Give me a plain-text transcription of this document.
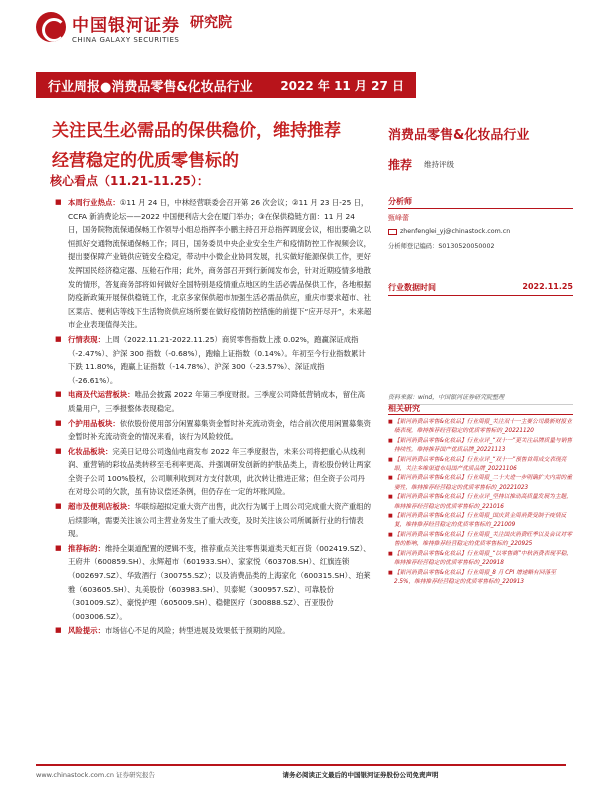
中国银河证券
CHINA GALAXY SECURITIES
研究院
行业周报●消费品零售&化妆品行业 2022 年 11 月 27 日
关注民生必需品的保供稳价，维持推荐
经营稳定的优质零售标的
核心看点（11.21-11.25）：
■ 本周行业热点：①11 月 24 日，中林经营联委会召开第 26 次会议；②11 月 23 日-25 日，CCFA 新消费论坛——2022 中国便利店大会在厦门举办；③在保供稳链方面：11 月 24 日，国务院物流保通保畅工作领导小组总指挥李小鹏主持召开总指挥调度会议，相出要确之以恒抓好交通物流保通保畅工作；同日，国务委员中央企业安全生产和疫情防控工作视频会议，提出要保障产业链供应链安全稳定，带动中小微企业协同发展，扎实做好能源保供工作，更好发挥国民经济稳定器、压舱石作用；此外，商务部召开到行新闻发布会，针对近期疫情多地散发的情形，答复商务部将如何做好全国特别是疫情重点地区的生活必需品保供工作，各地根据防疫新政策开展保供稳链工作，北京多家保供超市加强生活必需品供应，重庆市要求超市、社区菜店、便利店等线下生活物资供应场所要在做好疫情防控措施的前提下“应开尽开”，未来超市企业表现值得关注。
■ 行情表现：上周（2022.11.21-2022.11.25）商贸零售指数上涨 0.02%，跑赢深证成指（-2.47%）、沪深 300 指数（-0.68%），跑输上证指数（0.14%）。年初至今行业指数累计下跌 11.80%，跑赢上证指数（-14.78%）、沪深 300（-23.57%）、深证成指（-26.61%）。
■ 电商及代运营板块：唯品会披露 2022 年第三季度财报。三季度公司降低营销成本，留住高质量用户，三季报整体表现稳定。
■ 个护用品板块：依依股份使用部分闲置募集资金暂时补充流动资金，结合前次使用闲置募集资金暂时补充流动资金的情况来看，该行为风险较低。
■ 化妆品板块：完美日记母公司逸仙电商发布 2022 年三季度报告，未来公司将把重心从线利润、重营销的彩妆品类转移至毛利率更高、并强调研发创新的护肤品类上，青松股份转让两家全资子公司 100%股权，公司顺利收到对方支付款项，此次转让推进正常；但全资子公司丹在对母公司的欠款，虽有协议偿还条例，但仍存在一定的坏账风险。
■ 超市及便利店板块：华联综超拟定重大资产出售，此次行为属于上周公司完成重大资产重组的后续影响，需要关注该公司主营业务发生了重大改变，及时关注该公司所属新行业的行情表现。
■ 推荐标的：维持全渠道配置的逻辑不变，推荐重点关注零售渠道类天虹百货（002419.SZ）、王府井（600859.SH）、永辉超市（601933.SH）、家家悦（603708.SH）、红旗连锁（002697.SZ）、华致酒行（300755.SZ）；以及消费品类的上海家化（600315.SH）、珀莱雅（603605.SH）、丸美股份（603983.SH）、贝泰妮（300957.SZ）、可靠股份（301009.SZ）、豪悦护理（605009.SH）、稳健医疗（300888.SZ）、百亚股份（003006.SZ）。
■ 风险提示：市场信心不足的风险；转型进展及效果低于预期的风险。
消费品零售&化妆品行业
推荐 维持评级
分析师
甄峰蕾
zhenfenglei_yj@chinastock.com.cn
分析师登记编码：S0130520050002
行业数据时间	2022.11.25
资料来源：wind，中国银河证券研究院整理
相关研究
■ 【银河消费品零售&化妆品】行业周报_关注双十一主要公司最新财报业绩表现，维持推荐经营稳定的优质零售标的_20221120
■ 【银河消费品零售&化妆品】行业点评_“双十一”更关注品牌质量与销售持续性，维持推荐国产优质品牌_20221113
■ 【银河消费品零售&化妆品】行业点评_“双十一”预售首周成交表现亮眼，关注多维渠道布局国产优质品牌_20221106
■ 【银河消费品零售&化妆品】行业周报_二十大进一步明确扩大内需的重要性，维持推荐经营稳定的优质零售标的_20221023
■ 【银河消费品零售&化妆品】行业点评_坚持以推动高质量发展为主题，维持推荐经营稳定的优质零售标的_221016
■ 【银河消费品零售&化妆品】行业周报_国庆黄金周消费受制于疫情反复，维持推荐经营稳定的优质零售标的_221009
■ 【银河消费品零售&化妆品】行业周报_关注国庆消费旺季以及会议对零售的影响，维持推荐经营稳定的优质零售标的_220925
■ 【银河消费品零售&化妆品】行业周报_“以零售商”中秋消费表现平稳，维持推荐经营稳定的优质零售标的_220918
■ 【银河消费品零售&化妆品】行业周报_8 月 CPI 增速略有回落至 2.5%，维持推荐经营稳定的优质零售标的_220913
www.chinastock.com.cn 证券研究报告	请务必阅读正文最后的中国银河证券股份公司免责声明
